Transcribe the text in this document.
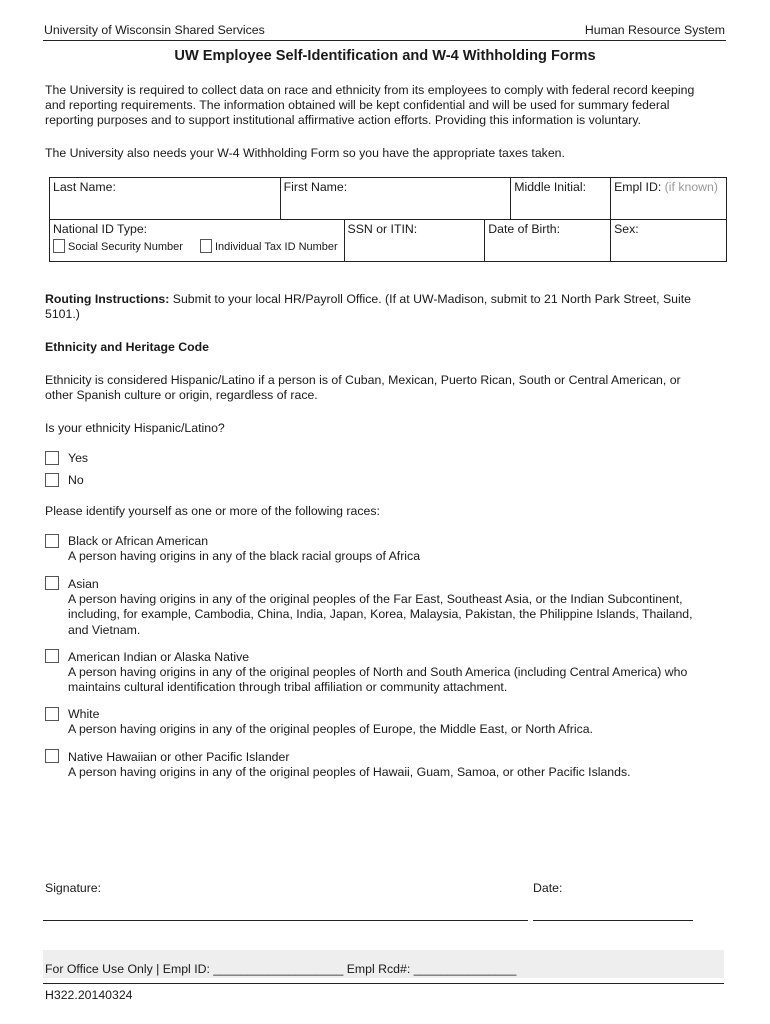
University of Wisconsin Shared Services	Human Resource System
UW Employee Self-Identification and W-4 Withholding Forms
The University is required to collect data on race and ethnicity from its employees to comply with federal record keeping
and reporting requirements. The information obtained will be kept confidential and will be used for summary federal
reporting purposes and to support institutional affirmative action efforts. Providing this information is voluntary.
The University also needs your W-4 Withholding Form so you have the appropriate taxes taken.
Last Name:	First Name:			Middle Initial:	Empl ID: (if known)

National ID Type:
Social Security Number Individual Tax ID Number		SSN or ITIN:	Date of Birth:		Sex:
Routing Instructions: Submit to your local HR/Payroll Office. (If at UW-Madison, submit to 21 North Park Street, Suite
5101.)
Ethnicity and Heritage Code
Ethnicity is considered Hispanic/Latino if a person is of Cuban, Mexican, Puerto Rican, South or Central American, or
other Spanish culture or origin, regardless of race.
Is your ethnicity Hispanic/Latino?
Yes
No
Please identify yourself as one or more of the following races:
Black or African American
A person having origins in any of the black racial groups of Africa
Asian
A person having origins in any of the original peoples of the Far East, Southeast Asia, or the Indian Subcontinent,
including, for example, Cambodia, China, India, Japan, Korea, Malaysia, Pakistan, the Philippine Islands, Thailand,
and Vietnam.
American Indian or Alaska Native
A person having origins in any of the original peoples of North and South America (including Central America) who
maintains cultural identification through tribal affiliation or community attachment.
White
A person having origins in any of the original peoples of Europe, the Middle East, or North Africa.
Native Hawaiian or other Pacific Islander
A person having origins in any of the original peoples of Hawaii, Guam, Samoa, or other Pacific Islands.
Signature:	Date:
For Office Use Only | Empl ID: ___________________ Empl Rcd#: _______________
H322.20140324
